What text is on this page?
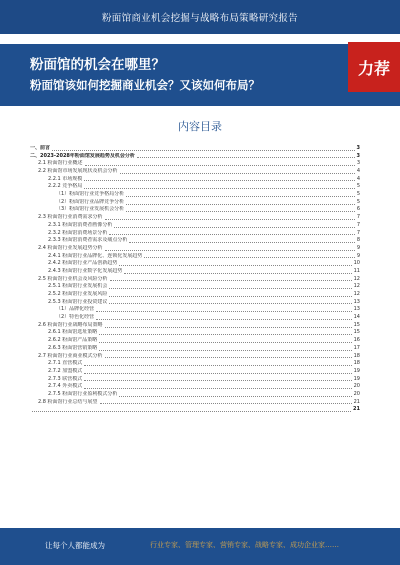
粉面馆商业机会挖掘与战略布局策略研究报告
粉面馆的机会在哪里？
粉面馆该如何挖掘商业机会？又该如何布局？
力荐
内容目录
一、前言	3
二、2023-2028年粉面馆发展趋势及机会分析	3
2.1 粉面馆行业概述	3
2.2 粉面馆市场发展现状及机会分析	4
2.2.1 市场规模	4
2.2.2 竞争格局	5
（1）粉面馆行业竞争格局分析	5
（2）粉面馆行业品牌竞争分析	5
（3）粉面馆行业发展机会分析	6
2.3 粉面馆行业消费需求分析	7
2.3.1 粉面馆消费者画像分析	7
2.3.2 粉面馆消费场景分析	7
2.3.3 粉面馆消费者需求及痛点分析	8
2.4 粉面馆行业发展趋势分析	9
2.4.1 粉面馆行业品牌化、连锁化发展趋势	9
2.4.2 粉面馆行业产品创新趋势	10
2.4.3 粉面馆行业数字化发展趋势	11
2.5 粉面馆行业机会及风险分析	12
2.5.1 粉面馆行业发展机会	12
2.5.2 粉面馆行业发展风险	12
2.5.3 粉面馆行业投资建议	13
（1）品牌化经营	13
（2）特色化经营	14
2.6 粉面馆行业战略布局策略	15
2.6.1 粉面馆选址策略	15
2.6.2 粉面馆产品策略	16
2.6.3 粉面馆营销策略	17
2.7 粉面馆行业商业模式分析	18
2.7.1 直营模式	18
2.7.2 加盟模式	19
2.7.3 联营模式	19
2.7.4 外卖模式	20
2.7.5 粉面馆行业盈利模式分析	20
2.8 粉面馆行业总结与展望	21
21
让每个人都能成为	行业专家、管理专家、营销专家、战略专家、成功企业家……
